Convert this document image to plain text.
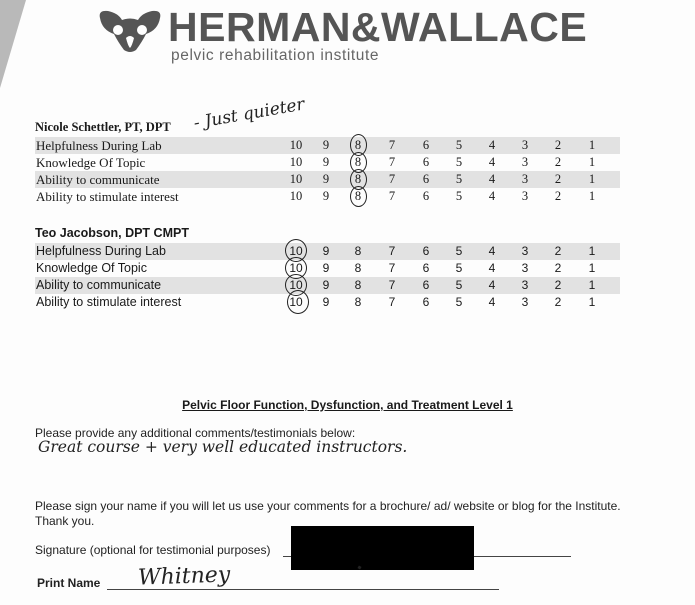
HERMAN&WALLACE
pelvic rehabilitation institute
Nicole Schettler, PT, DPT
Helpfulness During Lab	10	9	8	7	6	5	4	3	2	1
Knowledge Of Topic	10	9	8	7	6	5	4	3	2	1
Ability to communicate	10	9	8	7	6	5	4	3	2	1
Ability to stimulate interest	10	9	8	7	6	5	4	3	2	1
- Just quieter
Teo Jacobson, DPT CMPT
Helpfulness During Lab	10	9	8	7	6	5	4	3	2	1
Knowledge Of Topic	10	9	8	7	6	5	4	3	2	1
Ability to communicate	10	9	8	7	6	5	4	3	2	1
Ability to stimulate interest	10	9	8	7	6	5	4	3	2	1
Pelvic Floor Function, Dysfunction, and Treatment Level 1
Please provide any additional comments/testimonials below:
Great course + very well educated instructors.
Please sign your name if you will let us use your comments for a brochure/ ad/ website or blog for the Institute.
Thank you.
Signature (optional for testimonial purposes)
Print Name Whitney
